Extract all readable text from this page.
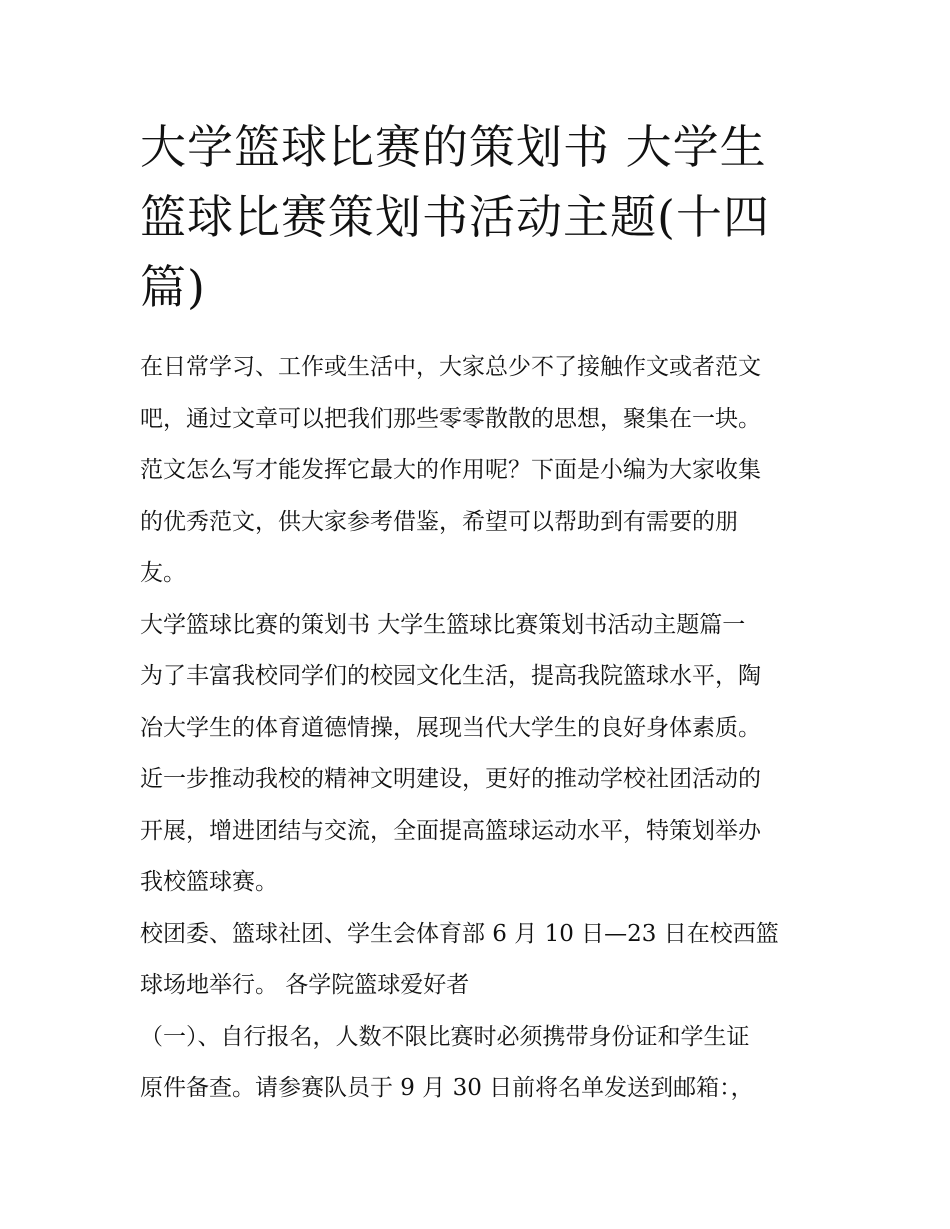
大学篮球比赛的策划书 大学生
篮球比赛策划书活动主题(十四
篇)

在日常学习、工作或生活中，大家总少不了接触作文或者范文
吧，通过文章可以把我们那些零零散散的思想，聚集在一块。
范文怎么写才能发挥它最大的作用呢？下面是小编为大家收集
的优秀范文，供大家参考借鉴，希望可以帮助到有需要的朋
友。

大学篮球比赛的策划书 大学生篮球比赛策划书活动主题篇一

为了丰富我校同学们的校园文化生活，提高我院篮球水平，陶
冶大学生的体育道德情操，展现当代大学生的良好身体素质。
近一步推动我校的精神文明建设，更好的推动学校社团活动的
开展，增进团结与交流，全面提高篮球运动水平，特策划举办
我校篮球赛。

校团委、篮球社团、学生会体育部 6 月 10 日—23 日在校西篮
球场地举行。 各学院篮球爱好者

（一）、自行报名，人数不限比赛时必须携带身份证和学生证
原件备查。请参赛队员于 9 月 30 日前将名单发送到邮箱：，
